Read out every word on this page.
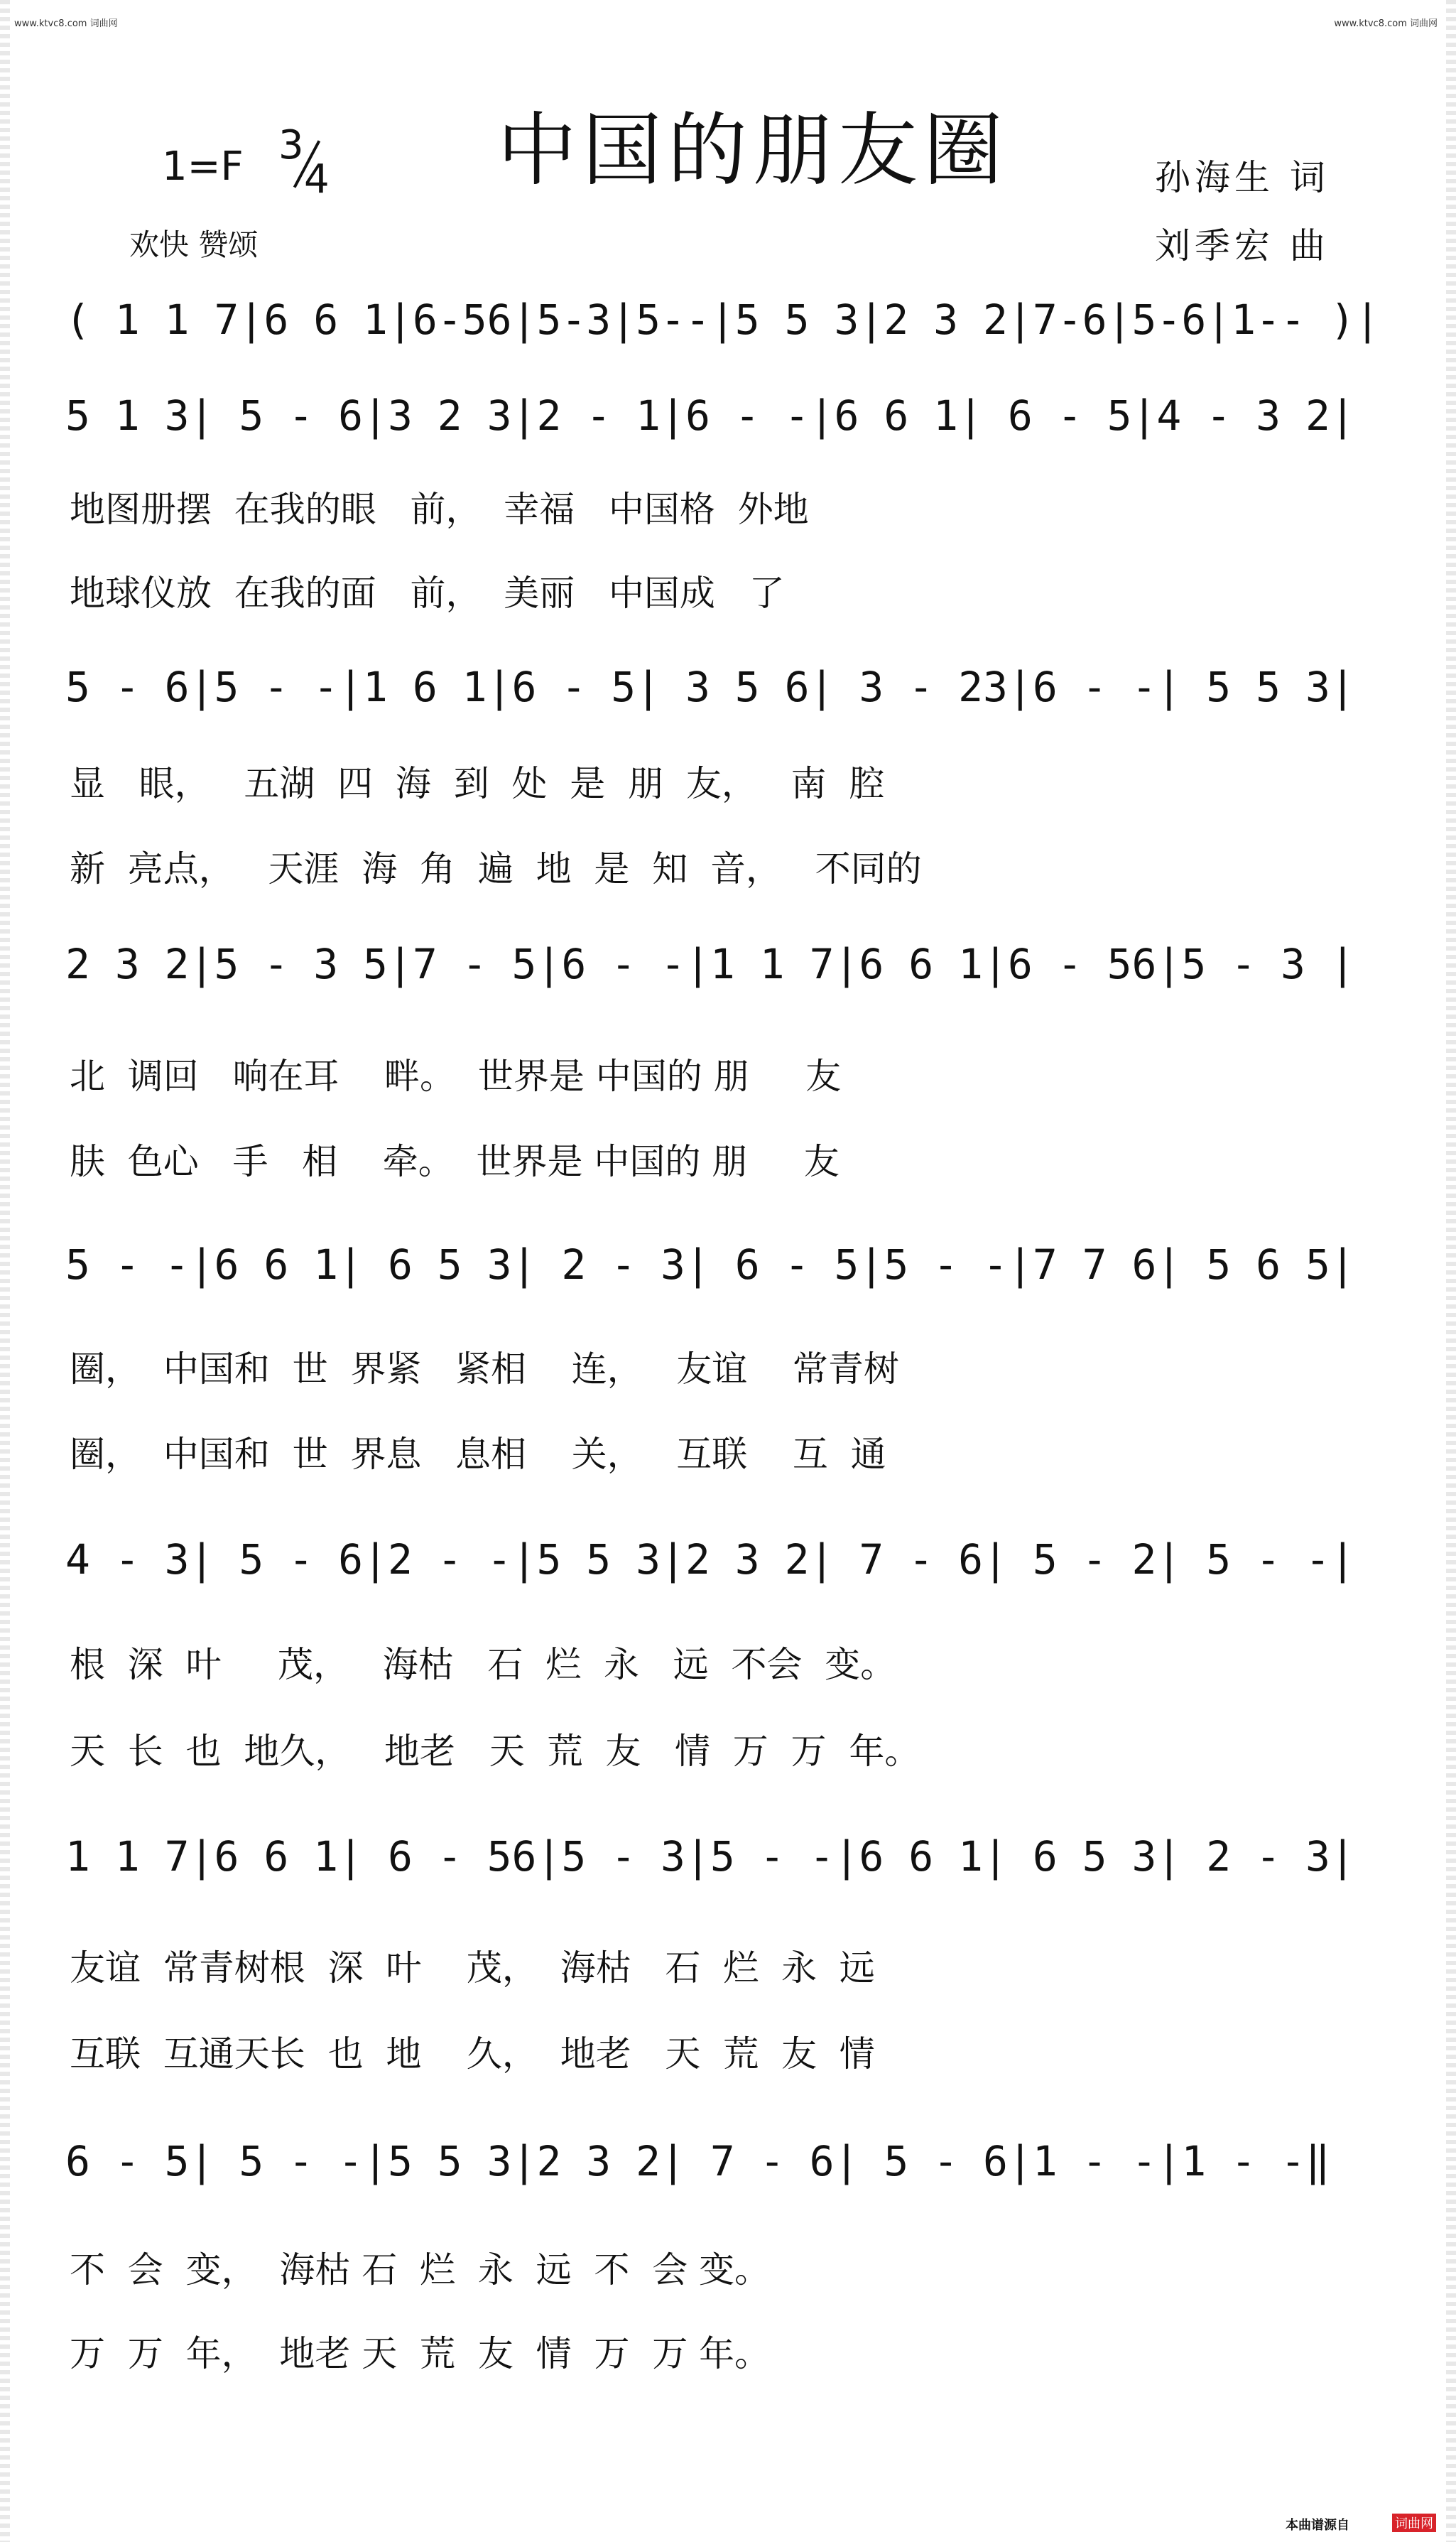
www.ktvc8.com 词曲网	www.ktvc8.com 词曲网
中国的朋友圈
1=F 3
4
欢快 赞颂
孙海生 词
刘季宏 曲
( 1 1 7|6 6 1|6-56|5-3|5--|5 5 3|2 3 2|7-6|5-6|1-- )|
5 1 3| 5 - 6|3 2 3|2 - 1|6 - -|6 6 1| 6 - 5|4 - 3 2|
地图册摆  在我的眼   前，  幸福   中国格  外地
地球仪放  在我的面   前，  美丽   中国成   了
5 - 6|5 - -|1 6 1|6 - 5| 3 5 6| 3 - 23|6 - -| 5 5 3|
显   眼，   五湖  四  海  到  处  是  朋  友，   南  腔
新  亮点，   天涯  海  角  遍  地  是  知  音，   不同的
2 3 2|5 - 3 5|7 - 5|6 - -|1 1 7|6 6 1|6 - 56|5 - 3 |
北  调回   响在耳    畔。  世界是 中国的 朋     友
肤  色心   手   相    牵。  世界是 中国的 朋     友
5 - -|6 6 1| 6 5 3| 2 - 3| 6 - 5|5 - -|7 7 6| 5 6 5|
圈，  中国和  世  界紧   紧相    连，   友谊    常青树
圈，  中国和  世  界息   息相    关，   互联    互  通
4 - 3| 5 - 6|2 - -|5 5 3|2 3 2| 7 - 6| 5 - 2| 5 - -|
根  深  叶     茂，   海枯   石  烂  永   远  不会  变。
天  长  也  地久，   地老   天  荒  友   情  万  万  年。
1 1 7|6 6 1| 6 - 56|5 - 3|5 - -|6 6 1| 6 5 3| 2 - 3|
友谊  常青树根  深  叶    茂，  海枯   石  烂  永  远
互联  互通天长  也  地    久，  地老   天  荒  友  情
6 - 5| 5 - -|5 5 3|2 3 2| 7 - 6| 5 - 6|1 - -|1 - -‖
不  会  变，  海枯 石  烂  永  远  不  会 变。
万  万  年，  地老 天  荒  友  情  万  万 年。
本曲谱源自	词曲网
